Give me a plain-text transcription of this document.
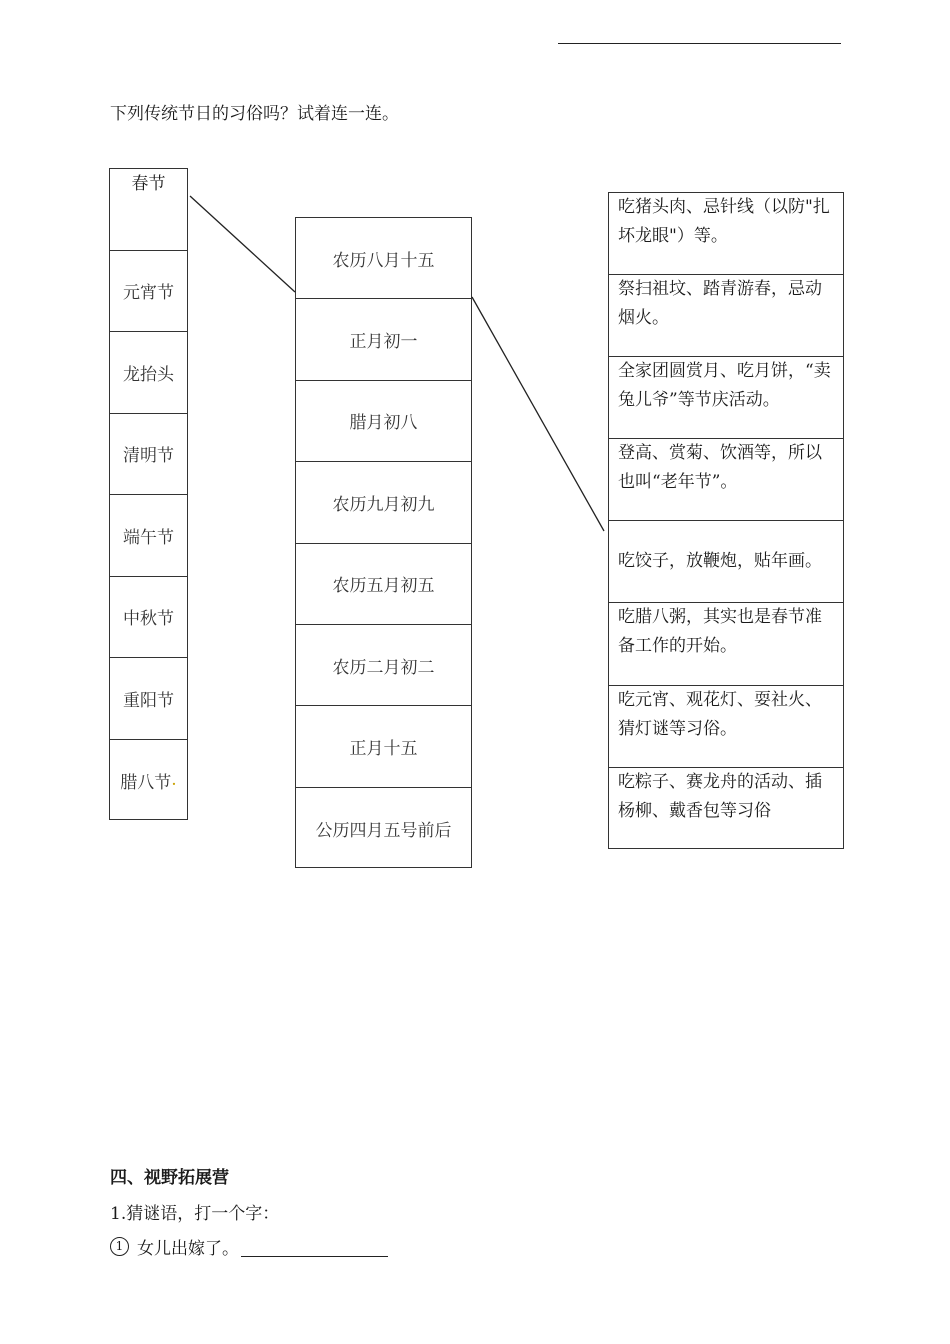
下列传统节日的习俗吗？试着连一连。
春节
元宵节
龙抬头
清明节
端午节
中秋节
重阳节
腊八节 .
农历八月十五
正月初一
腊月初八
农历九月初九
农历五月初五
农历二月初二
正月十五
公历四月五号前后
吃猪头肉、忌针线（以防"扎坏龙眼"）等。
祭扫祖坟、踏青游春，忌动烟火。
全家团圆赏月、吃月饼，“卖兔儿爷”等节庆活动。
登高、赏菊、饮酒等，所以也叫“老年节”。
吃饺子，放鞭炮，贴年画。
吃腊八粥，其实也是春节准备工作的开始。
吃元宵、观花灯、耍社火、猜灯谜等习俗。
吃粽子、赛龙舟的活动、插杨柳、戴香包等习俗
四、视野拓展营
1.猜谜语，打一个字：
1 女儿出嫁了。
